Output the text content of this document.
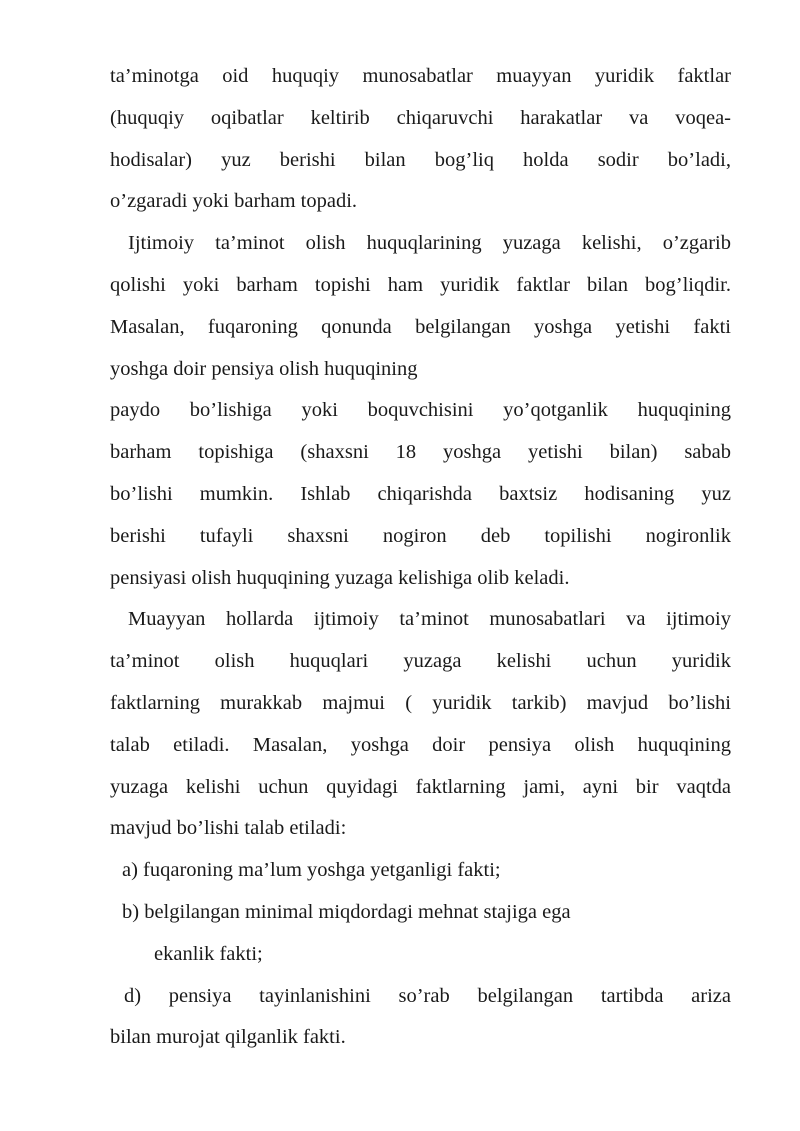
ta’minotga oid huquqiy munosabatlar muayyan yuridik faktlar
(huquqiy oqibatlar keltirib chiqaruvchi harakatlar va voqea-
hodisalar) yuz berishi bilan bog’liq holda sodir bo’ladi,
o’zgaradi yoki barham topadi.
Ijtimoiy ta’minot olish huquqlarining yuzaga kelishi, o’zgarib
qolishi yoki barham topishi ham yuridik faktlar bilan bog’liqdir.
Masalan, fuqaroning qonunda belgilangan yoshga yetishi fakti
yoshga doir pensiya olish huquqining
paydo bo’lishiga yoki boquvchisini yo’qotganlik huquqining
barham topishiga (shaxsni 18 yoshga yetishi bilan) sabab
bo’lishi mumkin. Ishlab chiqarishda baxtsiz hodisaning yuz
berishi tufayli shaxsni nogiron deb topilishi nogironlik
pensiyasi olish huquqining yuzaga kelishiga olib keladi.
Muayyan hollarda ijtimoiy ta’minot munosabatlari va ijtimoiy
ta’minot olish huquqlari yuzaga kelishi uchun yuridik
faktlarning murakkab majmui ( yuridik tarkib) mavjud bo’lishi
talab etiladi. Masalan, yoshga doir pensiya olish huquqining
yuzaga kelishi uchun quyidagi faktlarning jami, ayni bir vaqtda
mavjud bo’lishi talab etiladi:
a) fuqaroning ma’lum yoshga yetganligi fakti;
b) belgilangan minimal miqdordagi mehnat stajiga ega
ekanlik fakti;
d) pensiya tayinlanishini so’rab belgilangan tartibda ariza
bilan murojat qilganlik fakti.
